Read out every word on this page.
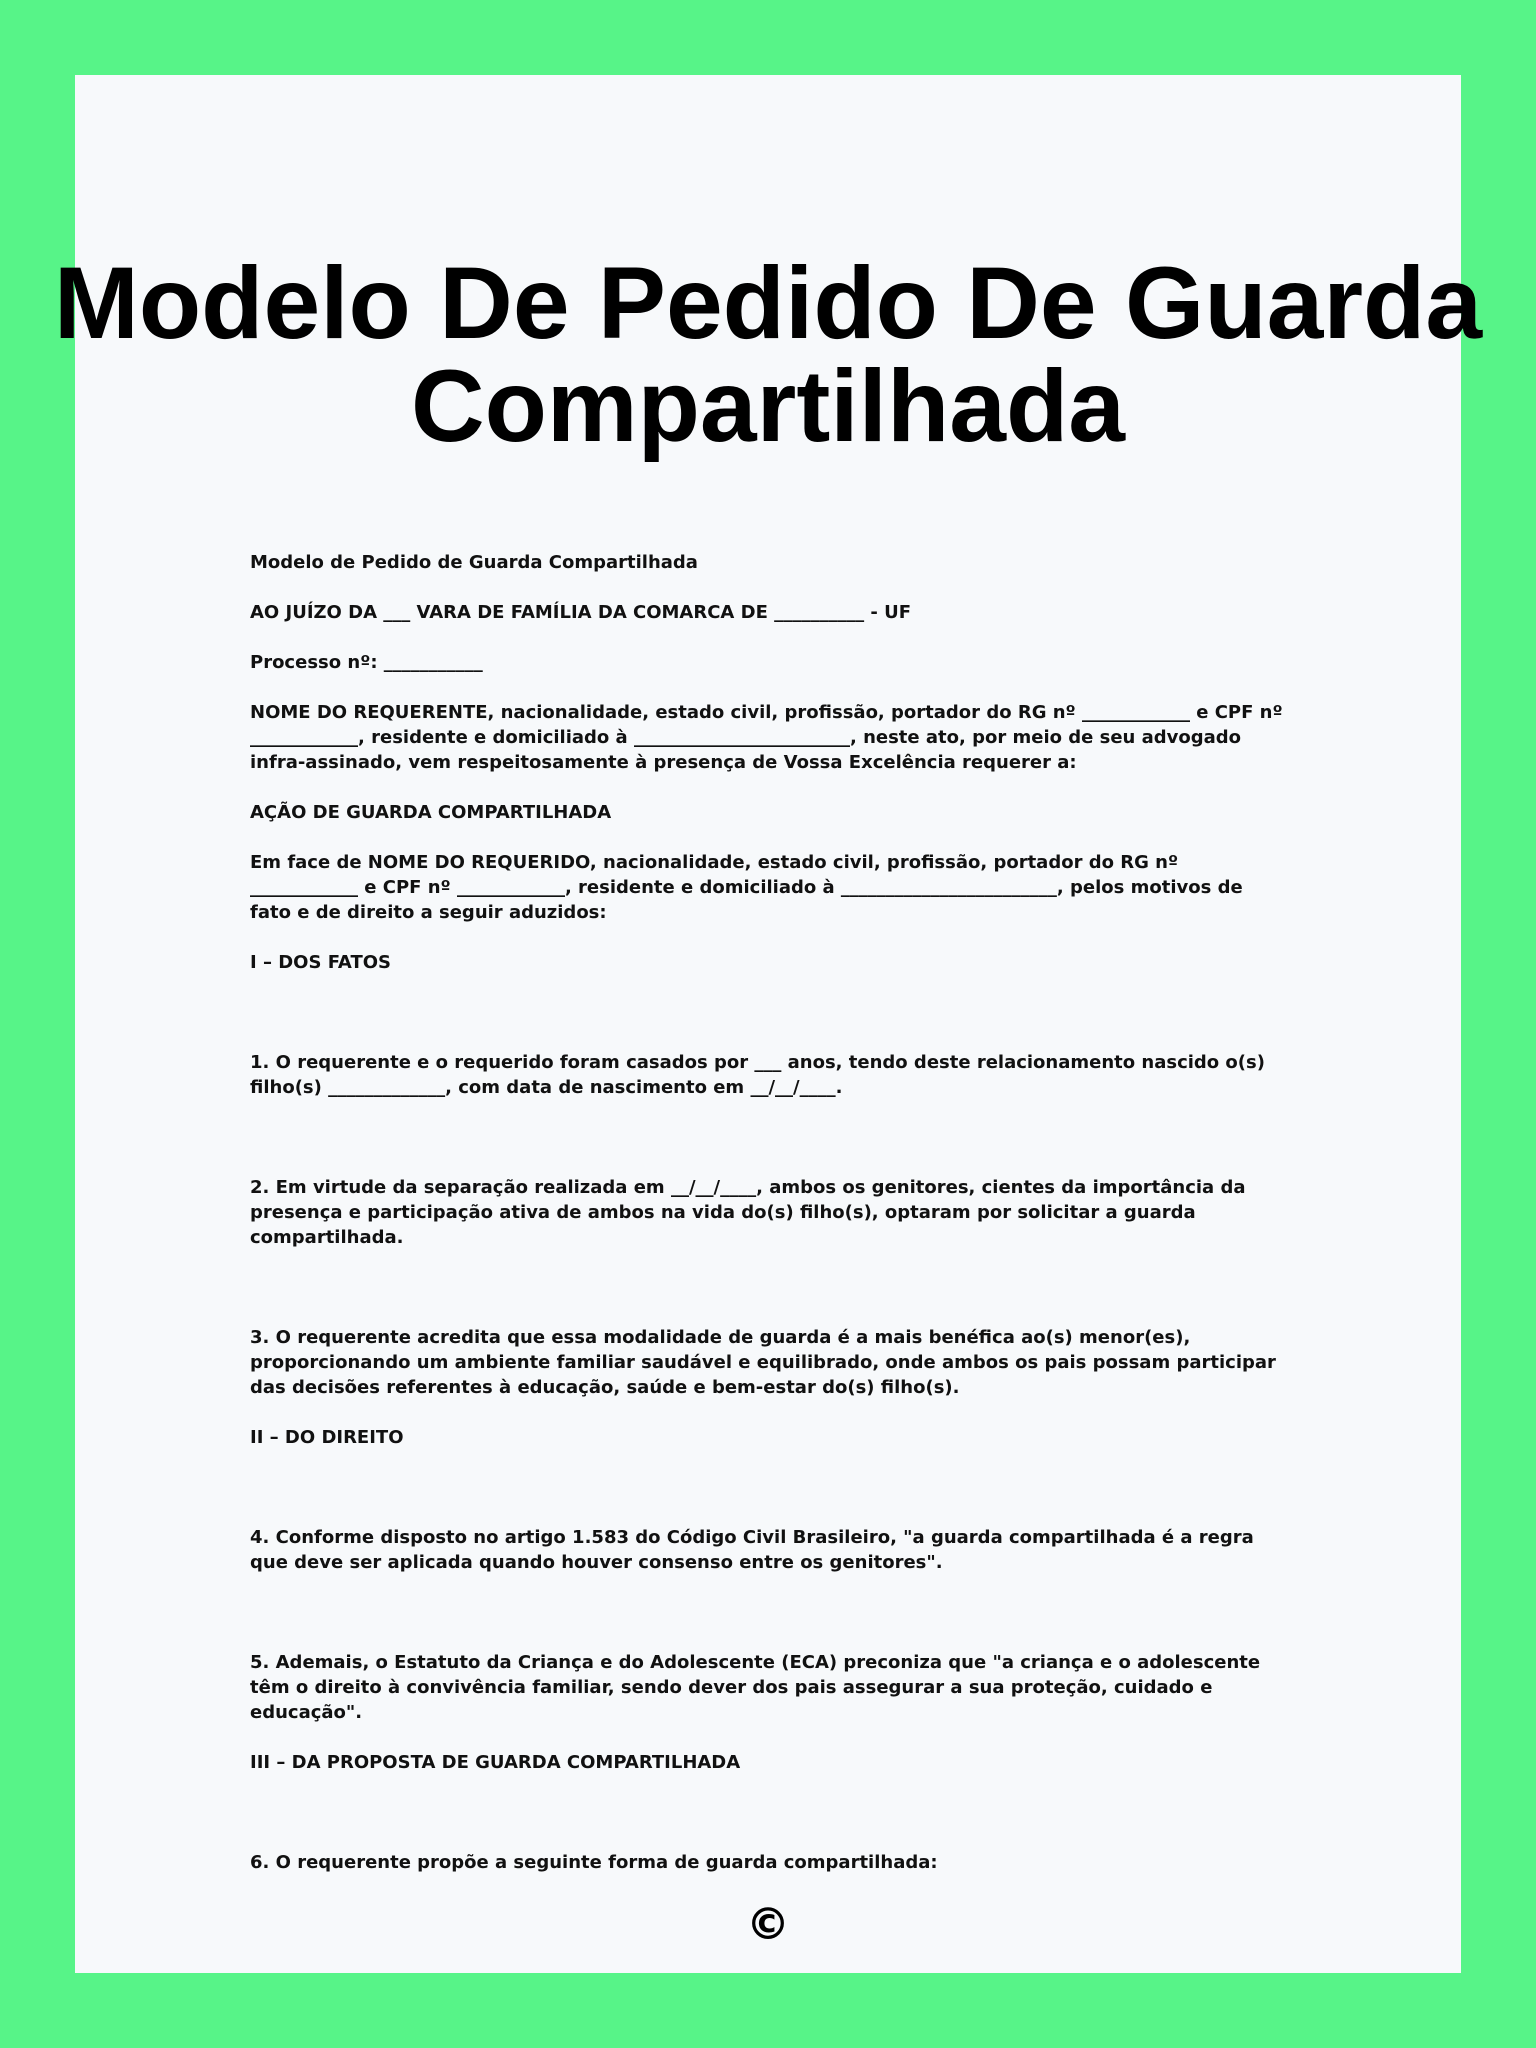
Modelo De Pedido De Guarda
Compartilhada

Modelo de Pedido de Guarda Compartilhada

AO JUÍZO DA ___ VARA DE FAMÍLIA DA COMARCA DE __________ - UF

Processo nº: ___________

NOME DO REQUERENTE, nacionalidade, estado civil, profissão, portador do RG nº ____________ e CPF nº ____________, residente e domiciliado à ________________________, neste ato, por meio de seu advogado infra-assinado, vem respeitosamente à presença de Vossa Excelência requerer a:

AÇÃO DE GUARDA COMPARTILHADA

Em face de NOME DO REQUERIDO, nacionalidade, estado civil, profissão, portador do RG nº ____________ e CPF nº ____________, residente e domiciliado à ________________________, pelos motivos de fato e de direito a seguir aduzidos:

I – DOS FATOS

1. O requerente e o requerido foram casados por ___ anos, tendo deste relacionamento nascido o(s) filho(s) _____________, com data de nascimento em __/__/____.

2. Em virtude da separação realizada em __/__/____, ambos os genitores, cientes da importância da presença e participação ativa de ambos na vida do(s) filho(s), optaram por solicitar a guarda compartilhada.

3. O requerente acredita que essa modalidade de guarda é a mais benéfica ao(s) menor(es), proporcionando um ambiente familiar saudável e equilibrado, onde ambos os pais possam participar das decisões referentes à educação, saúde e bem-estar do(s) filho(s).

II – DO DIREITO

4. Conforme disposto no artigo 1.583 do Código Civil Brasileiro, "a guarda compartilhada é a regra que deve ser aplicada quando houver consenso entre os genitores".

5. Ademais, o Estatuto da Criança e do Adolescente (ECA) preconiza que "a criança e o adolescente têm o direito à convivência familiar, sendo dever dos pais assegurar a sua proteção, cuidado e educação".

III – DA PROPOSTA DE GUARDA COMPARTILHADA

6. O requerente propõe a seguinte forma de guarda compartilhada:

©
